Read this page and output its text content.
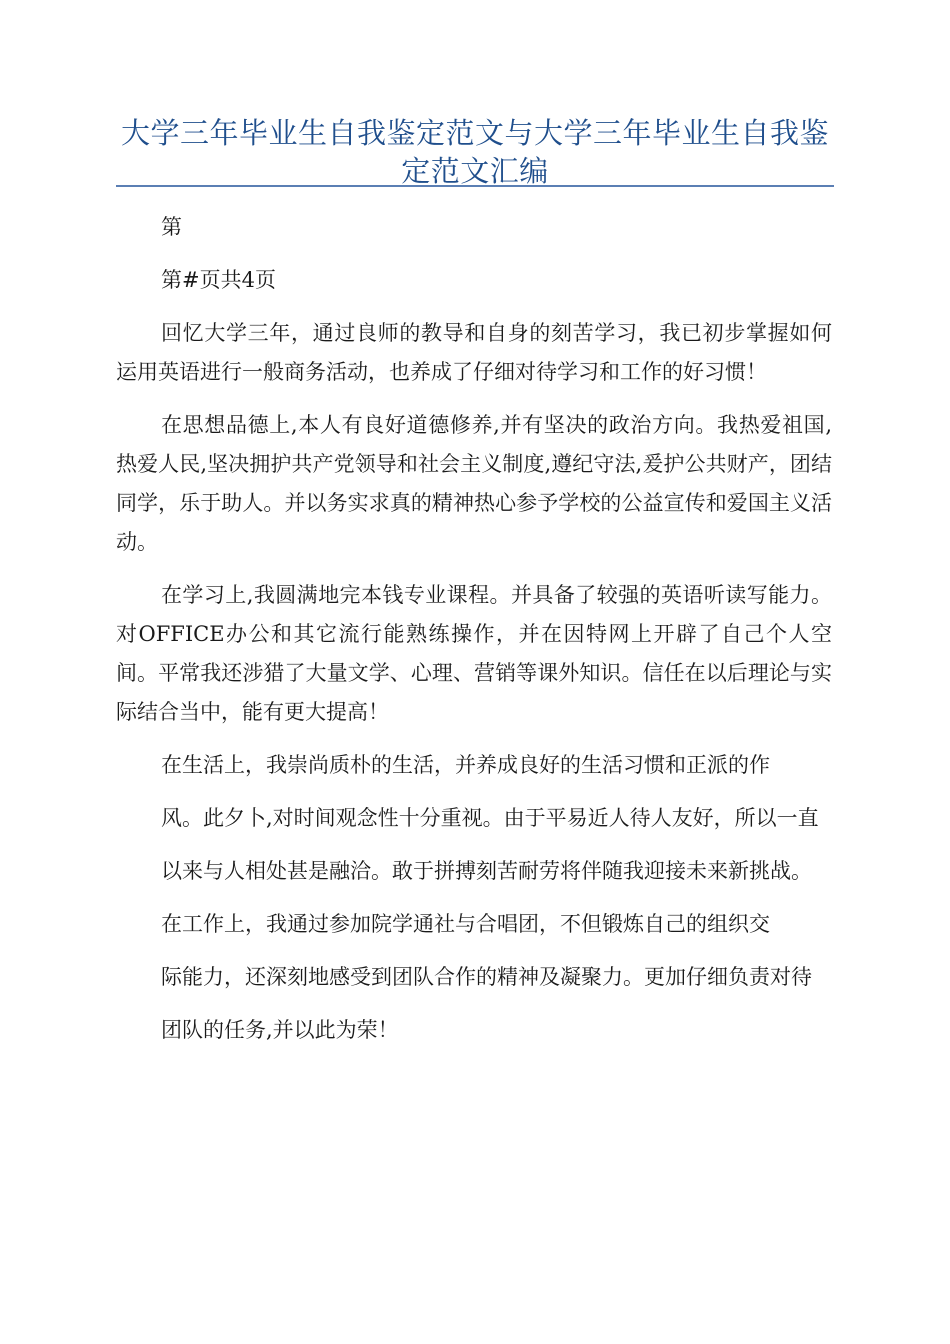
大学三年毕业生自我鉴定范文与大学三年毕业生自我鉴定范文汇编

第

第#页共4页

回忆大学三年，通过良师的教导和自身的刻苦学习，我已初步掌握如何运用英语进行一般商务活动，也养成了仔细对待学习和工作的好习惯！

在思想品德上,本人有良好道德修养,并有坚决的政治方向。我热爱祖国,热爱人民,坚决拥护共产党领导和社会主义制度,遵纪守法,爰护公共财产，团结同学，乐于助人。并以务实求真的精神热心参予学校的公益宣传和爱国主义活动。

在学习上,我圆满地完本钱专业课程。并具备了较强的英语听读写能力。对OFFICE办公和其它流行能熟练操作，并在因特网上开辟了自己个人空间。平常我还涉猎了大量文学、心理、营销等课外知识。信任在以后理论与实际结合当中，能有更大提高！

在生活上，我崇尚质朴的生活，并养成良好的生活习惯和正派的作

风。此夕卜,对时间观念性十分重视。由于平易近人待人友好，所以一直

以来与人相处甚是融洽。敢于拼搏刻苦耐劳将伴随我迎接未来新挑战。

在工作上，我通过参加院学通社与合唱团，不但锻炼自己的组织交

际能力，还深刻地感受到团队合作的精神及凝聚力。更加仔细负责对待

团队的任务,并以此为荣！
